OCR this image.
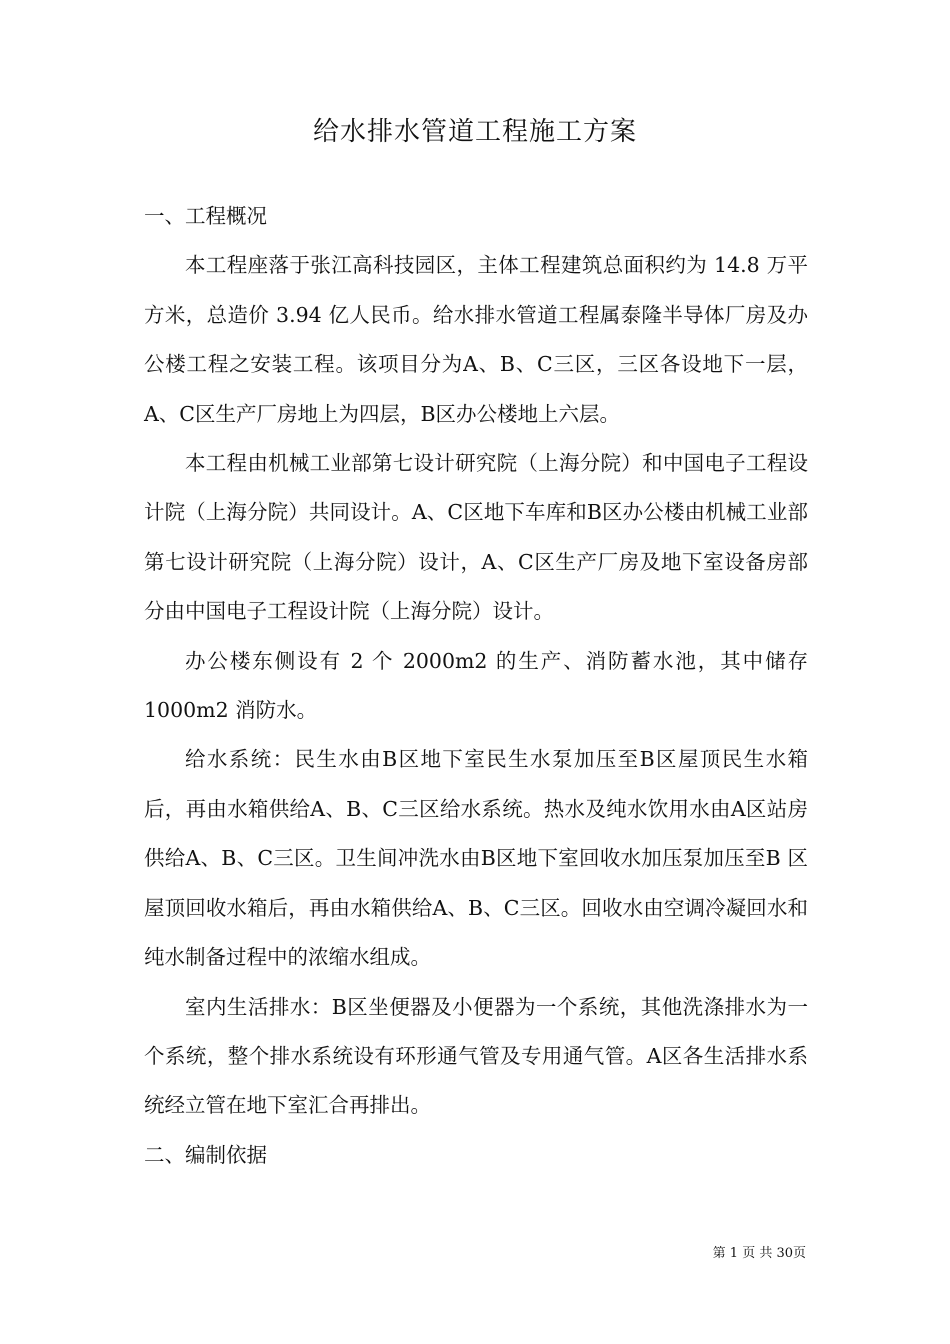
给水排水管道工程施工方案

一、工程概况

本工程座落于张江高科技园区，主体工程建筑总面积约为 14.8 万平方米，总造价 3.94 亿人民币。给水排水管道工程属泰隆半导体厂房及办公楼工程之安装工程。该项目分为A、B、C三区，三区各设地下一层，A、C区生产厂房地上为四层，B区办公楼地上六层。

本工程由机械工业部第七设计研究院（上海分院）和中国电子工程设计院（上海分院）共同设计。A、C区地下车库和B区办公楼由机械工业部第七设计研究院（上海分院）设计，A、C区生产厂房及地下室设备房部分由中国电子工程设计院（上海分院）设计。

办公楼东侧设有 2 个 2000m2 的生产、消防蓄水池，其中储存1000m2 消防水。

给水系统：民生水由B区地下室民生水泵加压至B区屋顶民生水箱后，再由水箱供给A、B、C三区给水系统。热水及纯水饮用水由A区站房供给A、B、C三区。卫生间冲洗水由B区地下室回收水加压泵加压至B 区屋顶回收水箱后，再由水箱供给A、B、C三区。回收水由空调冷凝回水和纯水制备过程中的浓缩水组成。

室内生活排水：B区坐便器及小便器为一个系统，其他洗涤排水为一个系统，整个排水系统设有环形通气管及专用通气管。A区各生活排水系统经立管在地下室汇合再排出。

二、编制依据

第 1 页 共 30页
